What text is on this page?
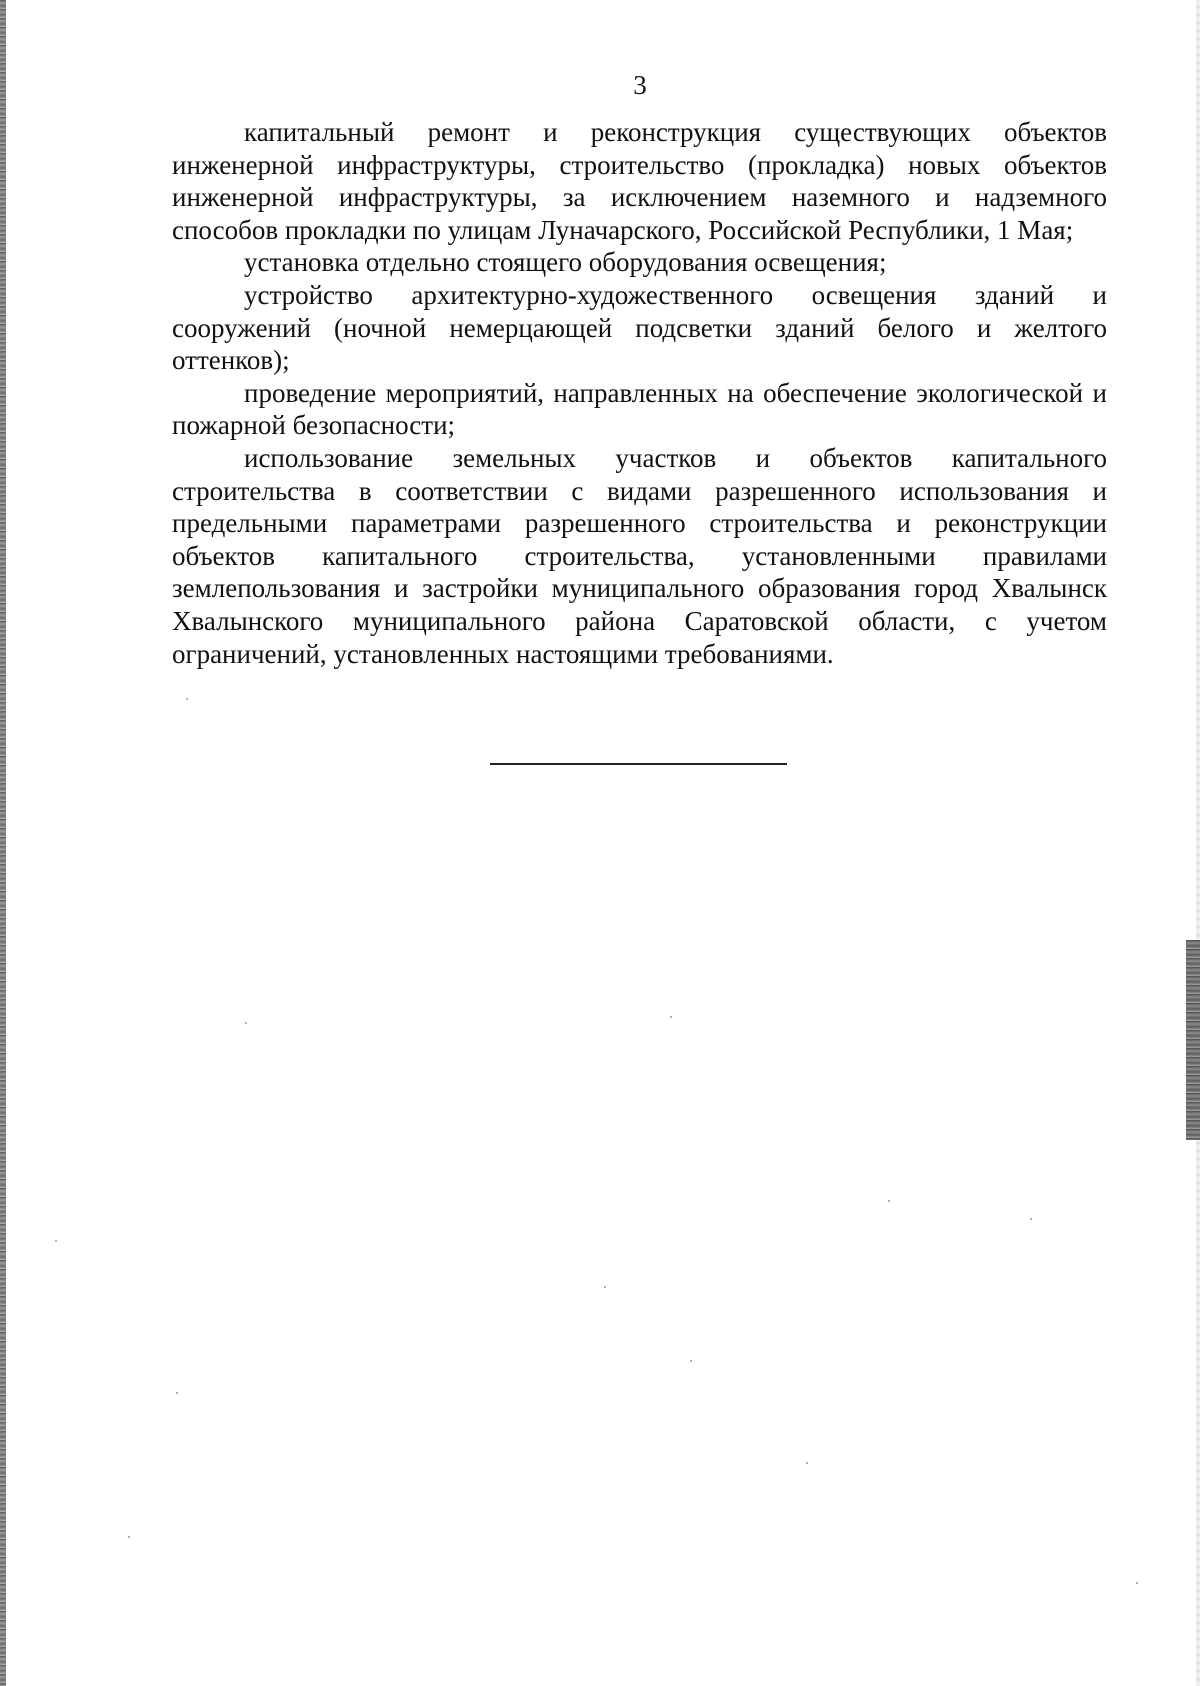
3

капитальный ремонт и реконструкция существующих объектов инженерной инфраструктуры, строительство (прокладка) новых объектов инженерной инфраструктуры, за исключением наземного и надземного способов прокладки по улицам Луначарского, Российской Республики, 1 Мая;

установка отдельно стоящего оборудования освещения;

устройство архитектурно-художественного освещения зданий и сооружений (ночной немерцающей подсветки зданий белого и желтого оттенков);

проведение мероприятий, направленных на обеспечение экологической и пожарной безопасности;

использование земельных участков и объектов капитального строительства в соответствии с видами разрешенного использования и предельными параметрами разрешенного строительства и реконструкции объектов капитального строительства, установленными правилами землепользования и застройки муниципального образования город Хвалынск Хвалынского муниципального района Саратовской области, с учетом ограничений, установленных настоящими требованиями.
